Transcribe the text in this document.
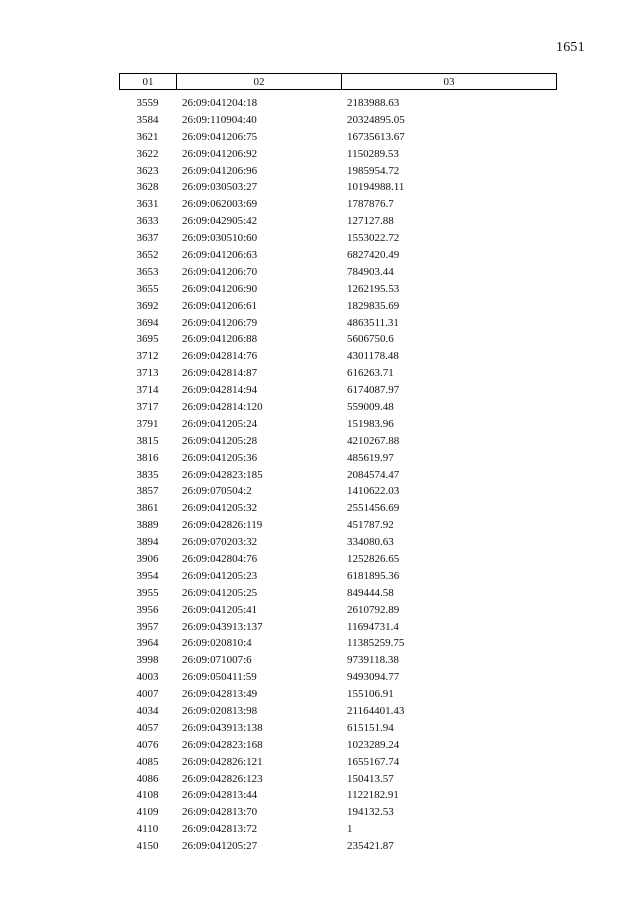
1651
01	02	03
3559	26:09:041204:18	2183988.63
3584	26:09:110904:40	20324895.05
3621	26:09:041206:75	16735613.67
3622	26:09:041206:92	1150289.53
3623	26:09:041206:96	1985954.72
3628	26:09:030503:27	10194988.11
3631	26:09:062003:69	1787876.7
3633	26:09:042905:42	127127.88
3637	26:09:030510:60	1553022.72
3652	26:09:041206:63	6827420.49
3653	26:09:041206:70	784903.44
3655	26:09:041206:90	1262195.53
3692	26:09:041206:61	1829835.69
3694	26:09:041206:79	4863511.31
3695	26:09:041206:88	5606750.6
3712	26:09:042814:76	4301178.48
3713	26:09:042814:87	616263.71
3714	26:09:042814:94	6174087.97
3717	26:09:042814:120	559009.48
3791	26:09:041205:24	151983.96
3815	26:09:041205:28	4210267.88
3816	26:09:041205:36	485619.97
3835	26:09:042823:185	2084574.47
3857	26:09:070504:2	1410622.03
3861	26:09:041205:32	2551456.69
3889	26:09:042826:119	451787.92
3894	26:09:070203:32	334080.63
3906	26:09:042804:76	1252826.65
3954	26:09:041205:23	6181895.36
3955	26:09:041205:25	849444.58
3956	26:09:041205:41	2610792.89
3957	26:09:043913:137	11694731.4
3964	26:09:020810:4	11385259.75
3998	26:09:071007:6	9739118.38
4003	26:09:050411:59	9493094.77
4007	26:09:042813:49	155106.91
4034	26:09:020813:98	21164401.43
4057	26:09:043913:138	615151.94
4076	26:09:042823:168	1023289.24
4085	26:09:042826:121	1655167.74
4086	26:09:042826:123	150413.57
4108	26:09:042813:44	1122182.91
4109	26:09:042813:70	194132.53
4110	26:09:042813:72	1
4150	26:09:041205:27	235421.87
